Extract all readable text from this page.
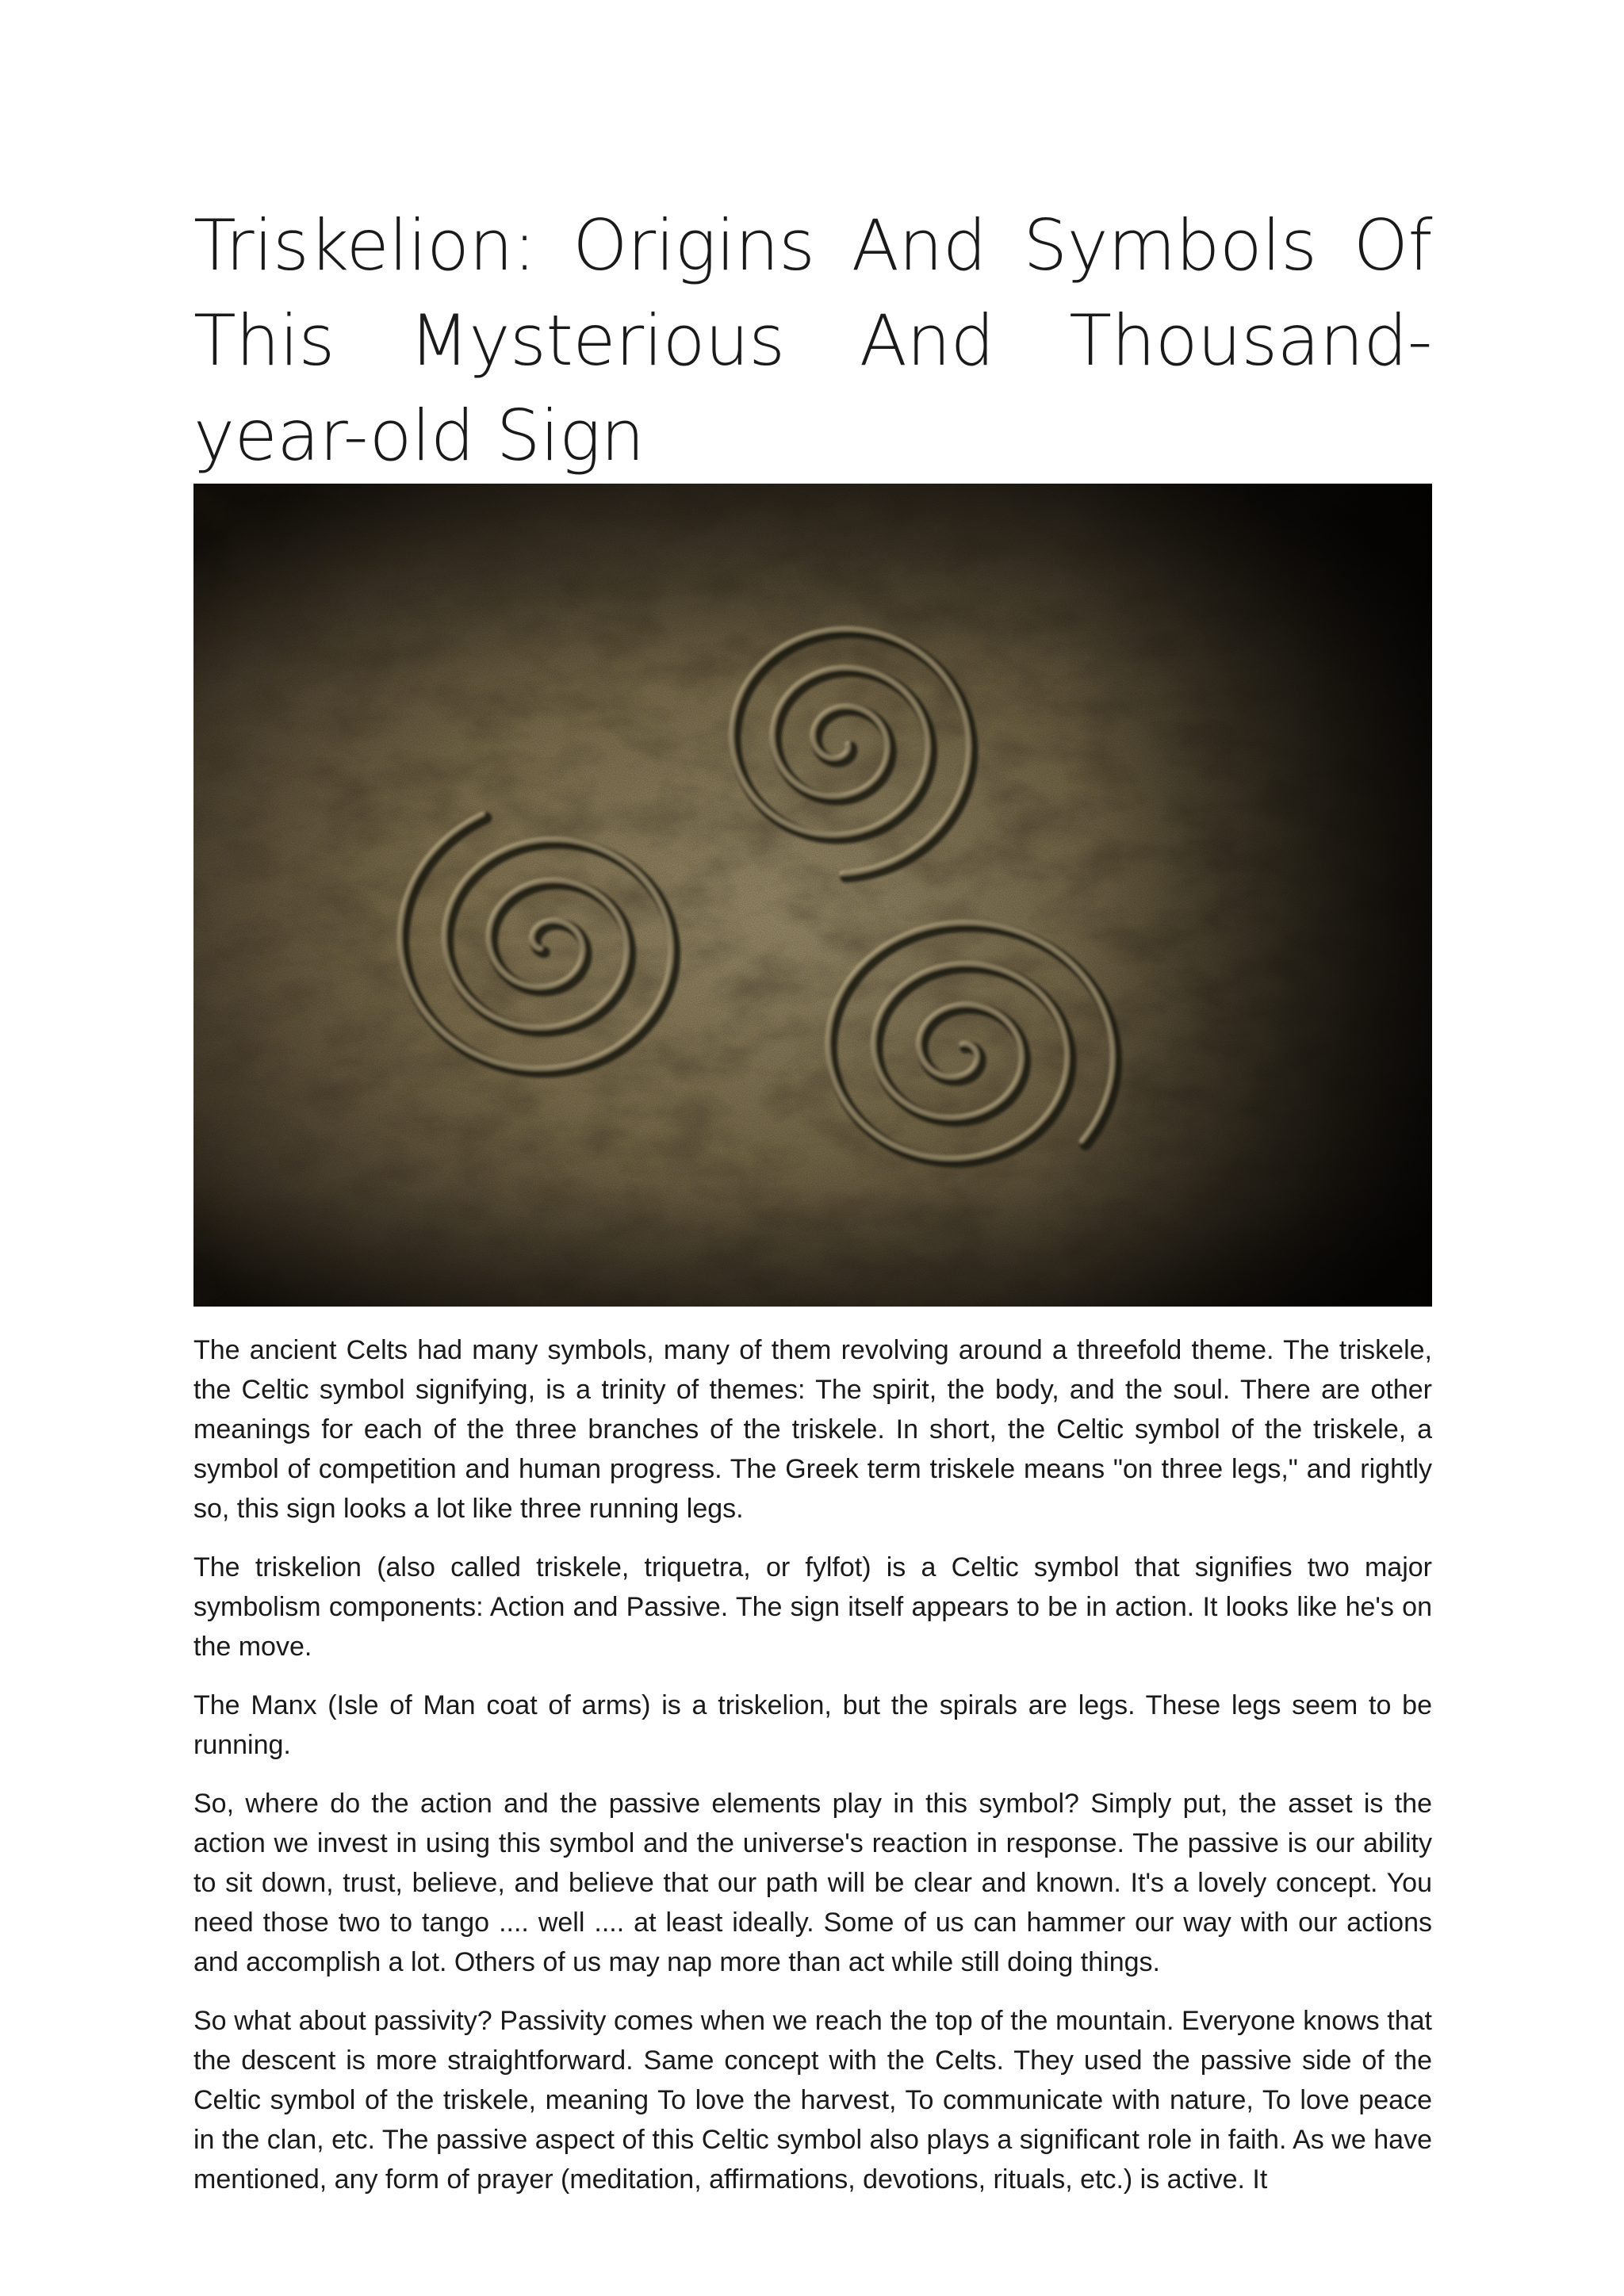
Triskelion: Origins And Symbols Of This Mysterious And Thousand-year-old Sign

The ancient Celts had many symbols, many of them revolving around a threefold theme. The triskele, the Celtic symbol signifying, is a trinity of themes: The spirit, the body, and the soul. There are other meanings for each of the three branches of the triskele. In short, the Celtic symbol of the triskele, a symbol of competition and human progress. The Greek term triskele means "on three legs," and rightly so, this sign looks a lot like three running legs.

The triskelion (also called triskele, triquetra, or fylfot) is a Celtic symbol that signifies two major symbolism components: Action and Passive. The sign itself appears to be in action. It looks like he's on the move.

The Manx (Isle of Man coat of arms) is a triskelion, but the spirals are legs. These legs seem to be running.

So, where do the action and the passive elements play in this symbol? Simply put, the asset is the action we invest in using this symbol and the universe's reaction in response. The passive is our ability to sit down, trust, believe, and believe that our path will be clear and known. It's a lovely concept. You need those two to tango .... well .... at least ideally. Some of us can hammer our way with our actions and accomplish a lot. Others of us may nap more than act while still doing things.

So what about passivity? Passivity comes when we reach the top of the mountain. Everyone knows that the descent is more straightforward. Same concept with the Celts. They used the passive side of the Celtic symbol of the triskele, meaning To love the harvest, To communicate with nature, To love peace in the clan, etc. The passive aspect of this Celtic symbol also plays a significant role in faith. As we have mentioned, any form of prayer (meditation, affirmations, devotions, rituals, etc.) is active. It
